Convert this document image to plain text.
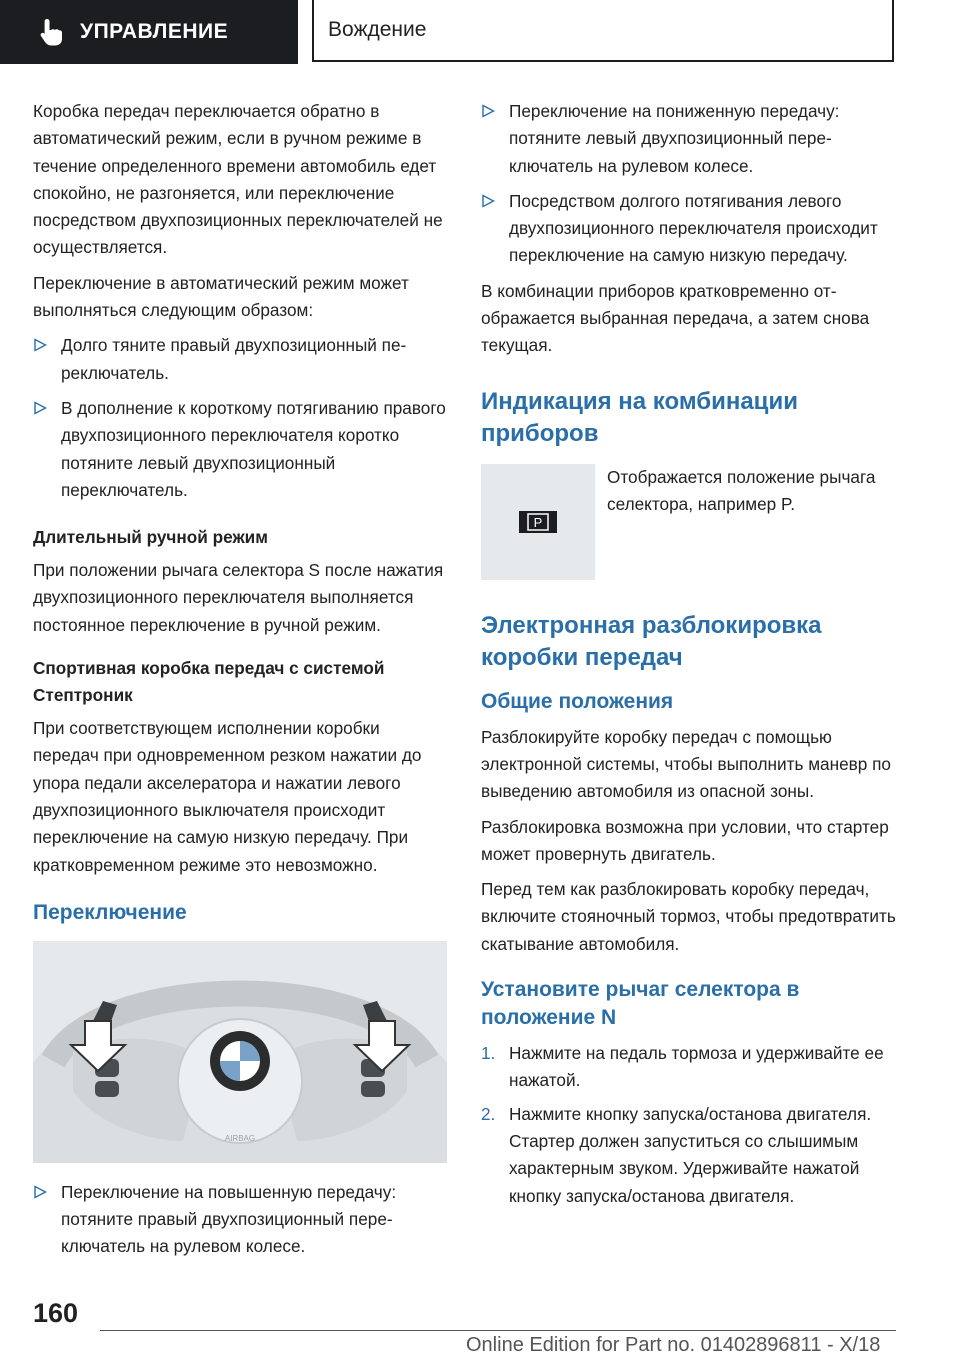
УПРАВЛЕНИЕ	Вождение

Коробка передач переключается обратно в автоматический режим, если в ручном режиме в течение определенного времени автомобиль едет спокойно, не разгоняется, или переключение посредством двухпозиционных переключателей не осуществляется.

Переключение в автоматический режим может выполняться следующим образом:

Долго тяните правый двухпозиционный переключатель.
В дополнение к короткому потягиванию правого двухпозиционного переключателя коротко потяните левый двухпозиционный переключатель.
Длительный ручной режим

При положении рычага селектора S после нажатия двухпозиционного переключателя выполняется постоянное переключение в ручной режим.

Спортивная коробка передач с системой Стептроник

При соответствующем исполнении коробки передач при одновременном резком нажатии до упора педали акселератора и нажатии левого двухпозиционного выключателя происходит переключение на самую низкую передачу. При кратковременном режиме это невозможно.

Переключение
AIRBAG
Переключение на повышенную передачу: потяните правый двухпозиционный переключатель на рулевом колесе.
Переключение на пониженную передачу: потяните левый двухпозиционный переключатель на рулевом колесе.
Посредством долгого потягивания левого двухпозиционного переключателя происходит переключение на самую низкую передачу.

В комбинации приборов кратковременно отображается выбранная передача, а затем снова текущая.

Индикация на комбинации приборов
P
Отображается положение рычага селектора, например P.
Электронная разблокировка коробки передач
Общие положения

Разблокируйте коробку передач с помощью электронной системы, чтобы выполнить маневр по выведению автомобиля из опасной зоны.

Разблокировка возможна при условии, что стартер может провернуть двигатель.

Перед тем как разблокировать коробку передач, включите стояночный тормоз, чтобы предотвратить скатывание автомобиля.

Установите рычаг селектора в положение N
1. Нажмите на педаль тормоза и удерживайте ее нажатой.
2. Нажмите кнопку запуска/останова двигателя. Стартер должен запуститься со слышимым характерным звуком. Удерживайте нажатой кнопку запуска/останова двигателя.
160
Online Edition for Part no. 01402896811 - X/18
